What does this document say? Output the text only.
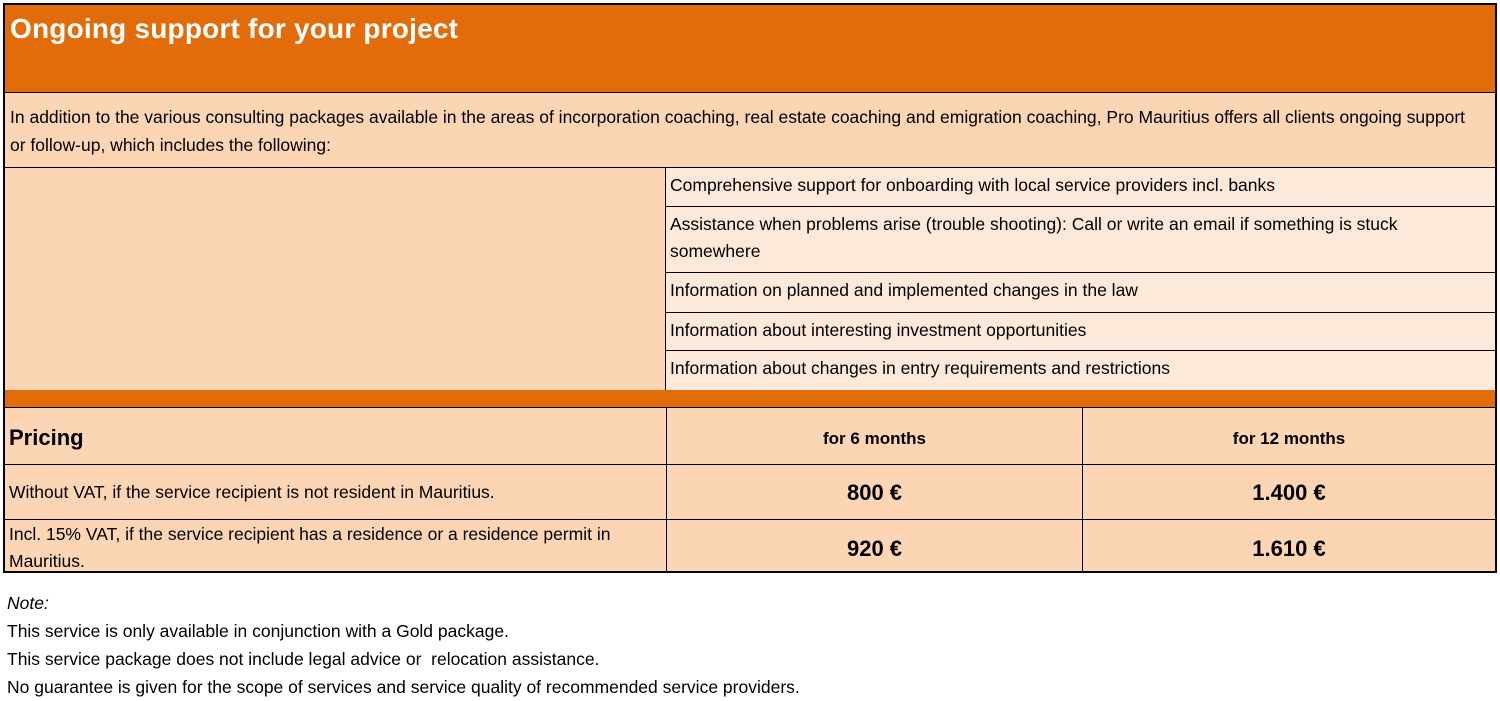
Ongoing support for your project
In addition to the various consulting packages available in the areas of incorporation coaching, real estate coaching and emigration coaching, Pro Mauritius offers all clients ongoing support or follow-up, which includes the following:
Comprehensive support for onboarding with local service providers incl. banks
Assistance when problems arise (trouble shooting): Call or write an email if something is stuck somewhere
Information on planned and implemented changes in the law
Information about interesting investment opportunities
Information about changes in entry requirements and restrictions
Pricing	for 6 months	for 12 months
Without VAT, if the service recipient is not resident in Mauritius.	800 €	1.400 €
Incl. 15% VAT, if the service recipient has a residence or a residence permit in Mauritius.	920 €	1.610 €
Note:
This service is only available in conjunction with a Gold package.
This service package does not include legal advice or  relocation assistance.
No guarantee is given for the scope of services and service quality of recommended service providers.
